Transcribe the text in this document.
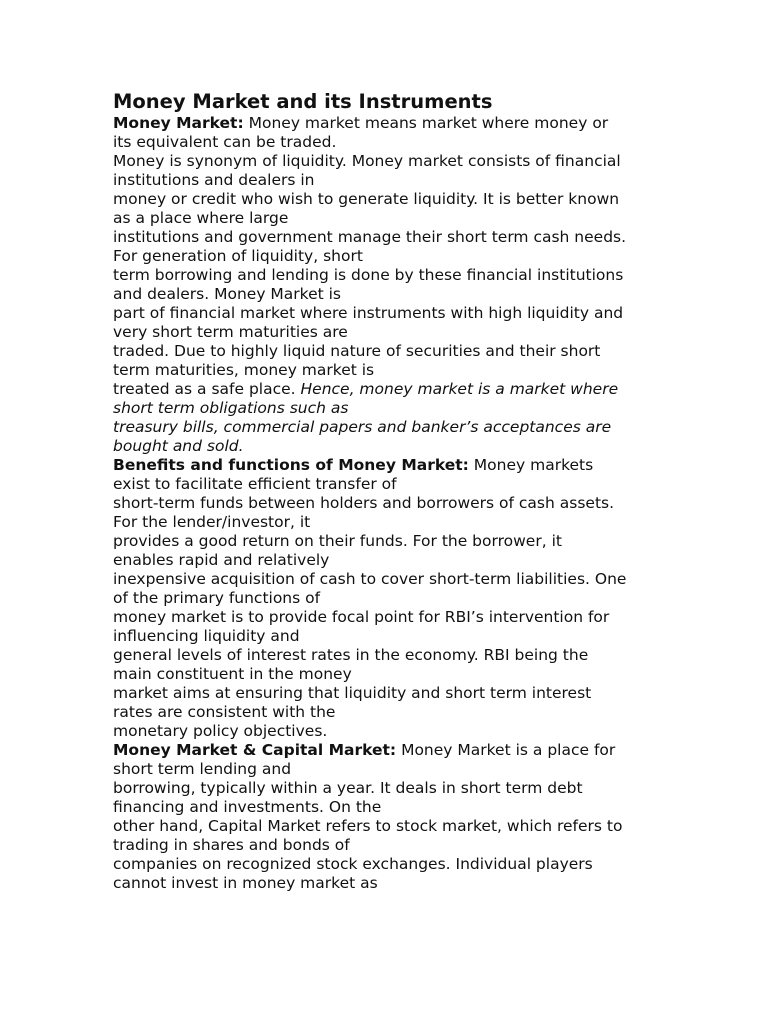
Money Market and its Instruments
Money Market: Money market means market where money or
its equivalent can be traded.
Money is synonym of liquidity. Money market consists of financial
institutions and dealers in
money or credit who wish to generate liquidity. It is better known
as a place where large
institutions and government manage their short term cash needs.
For generation of liquidity, short
term borrowing and lending is done by these financial institutions
and dealers. Money Market is
part of financial market where instruments with high liquidity and
very short term maturities are
traded. Due to highly liquid nature of securities and their short
term maturities, money market is
treated as a safe place. Hence, money market is a market where
short term obligations such as
treasury bills, commercial papers and banker’s acceptances are
bought and sold.
Benefits and functions of Money Market: Money markets
exist to facilitate efficient transfer of
short-term funds between holders and borrowers of cash assets.
For the lender/investor, it
provides a good return on their funds. For the borrower, it
enables rapid and relatively
inexpensive acquisition of cash to cover short-term liabilities. One
of the primary functions of
money market is to provide focal point for RBI’s intervention for
influencing liquidity and
general levels of interest rates in the economy. RBI being the
main constituent in the money
market aims at ensuring that liquidity and short term interest
rates are consistent with the
monetary policy objectives.
Money Market & Capital Market: Money Market is a place for
short term lending and
borrowing, typically within a year. It deals in short term debt
financing and investments. On the
other hand, Capital Market refers to stock market, which refers to
trading in shares and bonds of
companies on recognized stock exchanges. Individual players
cannot invest in money market as
